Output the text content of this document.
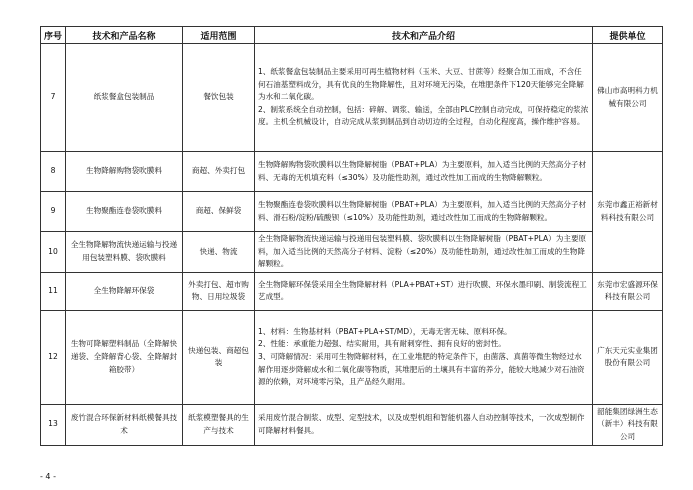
序号	技术和产品名称	适用范围	技术和产品介绍	提供单位
7	纸浆餐盒包装制品	餐饮包装	1、纸浆餐盒包装制品主要采用可再生植物材料（玉米、大豆、甘蔗等）经聚合加工而成，不含任何石油基塑料成分，具有优良的生物降解性，且对环境无污染，在堆肥条件下120天能够完全降解为水和二氧化碳。
2、制浆系统全自动控制，包括：碎解、调浆、输送，全部由PLC控制自动完成，可保持稳定的浆浓度。主机全机械设计，自动完成从浆到制品到自动切边的全过程，自动化程度高，操作维护容易。	佛山市高明科力机械有限公司
8	生物降解购物袋吹膜料	商超、外卖打包	生物降解购物袋吹膜料以生物降解树脂（PBAT+PLA）为主要原料，加入适当比例的天然高分子材料、无毒的无机填充料（≤30%）及功能性助剂，通过改性加工而成的生物降解颗粒。	东莞市鑫正裕新材料科技有限公司
9	生物聚酯连卷袋吹膜料	商超、保鲜袋	生物聚酯连卷袋吹膜料以生物降解树脂（PBAT+PLA）为主要原料，加入适当比例的天然高分子材料、滑石粉/淀粉/硫酸钡（≤10%）及功能性助剂，通过改性加工而成的生物降解颗粒。	
10	全生物降解物流快递运输与投递用包装塑料膜、袋吹膜料	快递、物流	全生物降解物流快递运输与投递用包装塑料膜、袋吹膜料以生物降解树脂（PBAT+PLA）为主要原料，加入适当比例的天然高分子材料、淀粉（≤20%）及功能性助剂，通过改性加工而成的生物降解颗粒。	
11	全生物降解环保袋	外卖打包、超市购物、日用垃圾袋	全生物降解环保袋采用全生物降解材料（PLA+PBAT+ST）进行吹膜、环保水墨印刷、制袋流程工艺成型。	东莞市宏盛源环保科技有限公司
12	生物可降解塑料制品（全降解快递袋、全降解背心袋、全降解封箱胶带）	快递包装、商超包装	1、材料：生物基材料（PBAT+PLA+ST/MD），无毒无害无味、原料环保。
2、性能：承重能力超强、结实耐用，具有耐刺穿性、拥有良好的密封性。
3、可降解情况：采用可生物降解材料，在工业堆肥的特定条件下，由菌落、真菌等微生物经过水解作用逐步降解成水和二氧化碳等物质，其堆肥后的土壤具有丰富的养分，能较大地减少对石油资源的依赖，对环境零污染，且产品经久耐用。	广东天元实业集团股份有限公司
13	废竹混合环保新材料纸模餐具技术	纸浆模塑餐具的生产与技术	采用废竹混合制浆、成型、定型技术，以及成型机组和智能机器人自动控制等技术，一次成型制作可降解材料餐具。	韶能集团绿洲生态（新丰）科技有限公司
- 4 -
